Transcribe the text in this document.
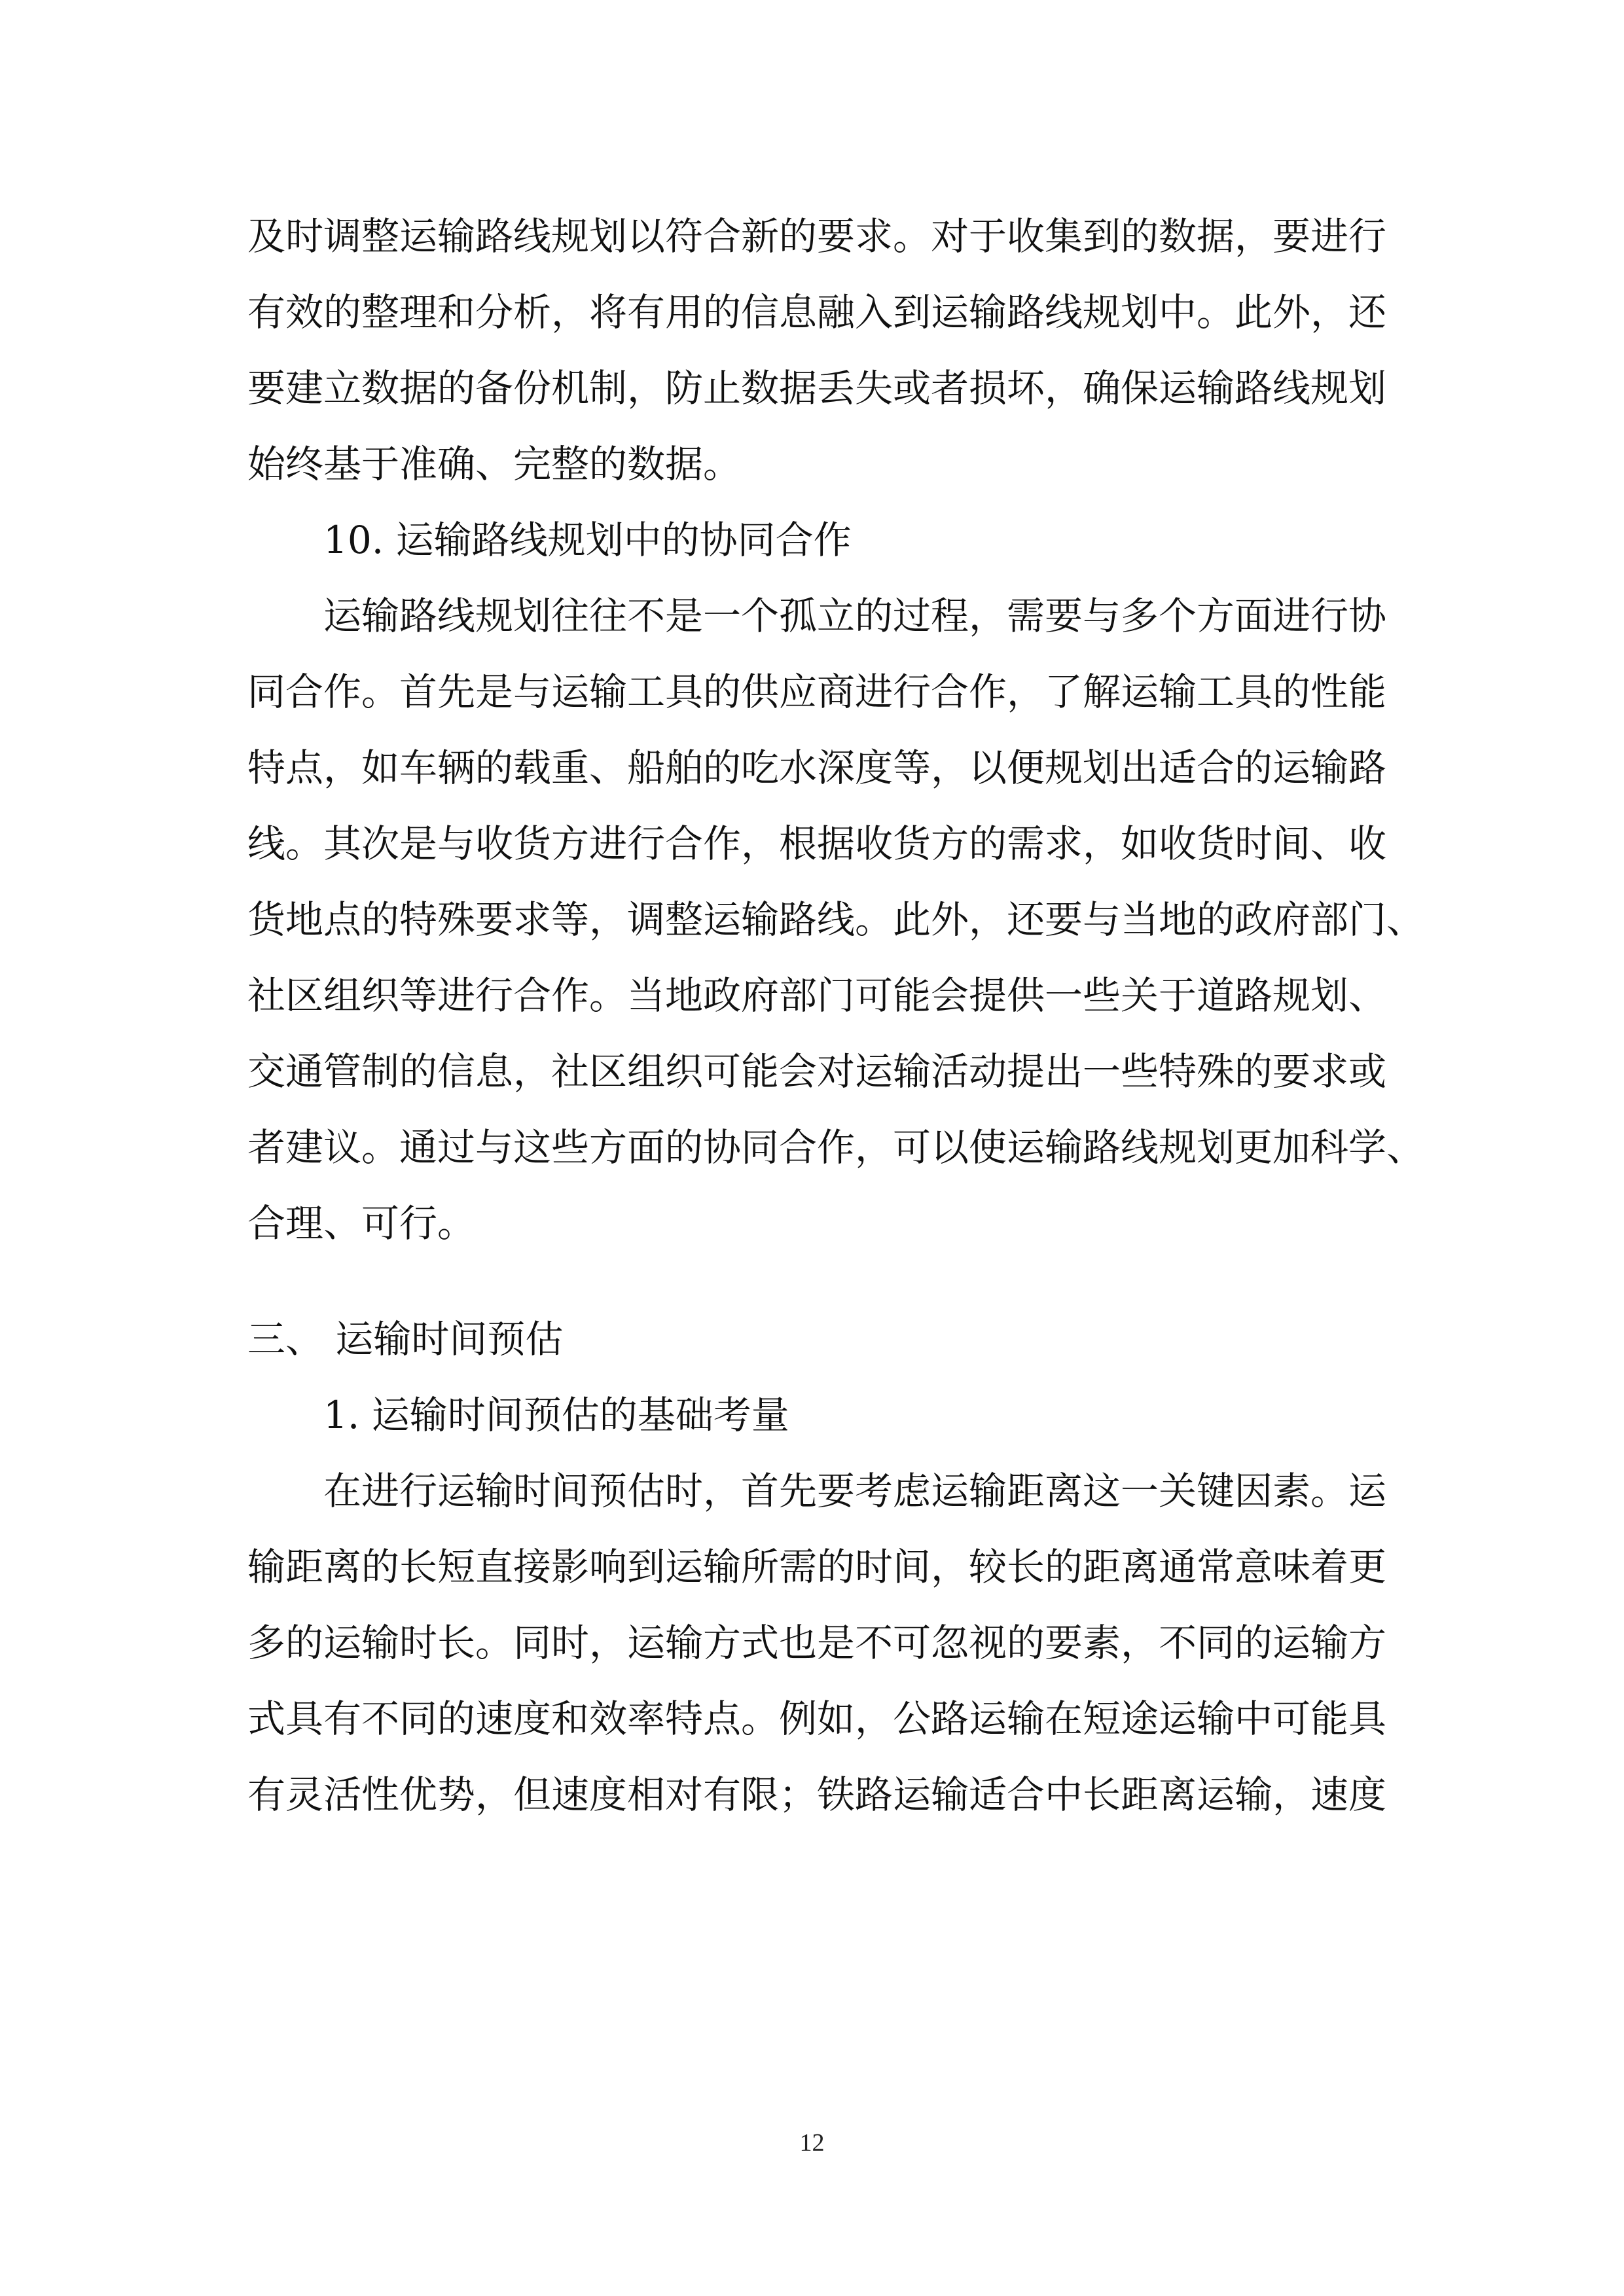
及时调整运输路线规划以符合新的要求。对于收集到的数据，要进行

有效的整理和分析，将有用的信息融入到运输路线规划中。此外，还

要建立数据的备份机制，防止数据丢失或者损坏，确保运输路线规划

始终基于准确、完整的数据。

10. 运输路线规划中的协同合作

运输路线规划往往不是一个孤立的过程，需要与多个方面进行协

同合作。首先是与运输工具的供应商进行合作，了解运输工具的性能

特点，如车辆的载重、船舶的吃水深度等，以便规划出适合的运输路

线。其次是与收货方进行合作，根据收货方的需求，如收货时间、收

货地点的特殊要求等，调整运输路线。此外，还要与当地的政府部门、

社区组织等进行合作。当地政府部门可能会提供一些关于道路规划、

交通管制的信息，社区组织可能会对运输活动提出一些特殊的要求或

者建议。通过与这些方面的协同合作，可以使运输路线规划更加科学、

合理、可行。

三、 运输时间预估

1. 运输时间预估的基础考量

在进行运输时间预估时，首先要考虑运输距离这一关键因素。运

输距离的长短直接影响到运输所需的时间，较长的距离通常意味着更

多的运输时长。同时，运输方式也是不可忽视的要素，不同的运输方

式具有不同的速度和效率特点。例如，公路运输在短途运输中可能具

有灵活性优势，但速度相对有限；铁路运输适合中长距离运输，速度

12
